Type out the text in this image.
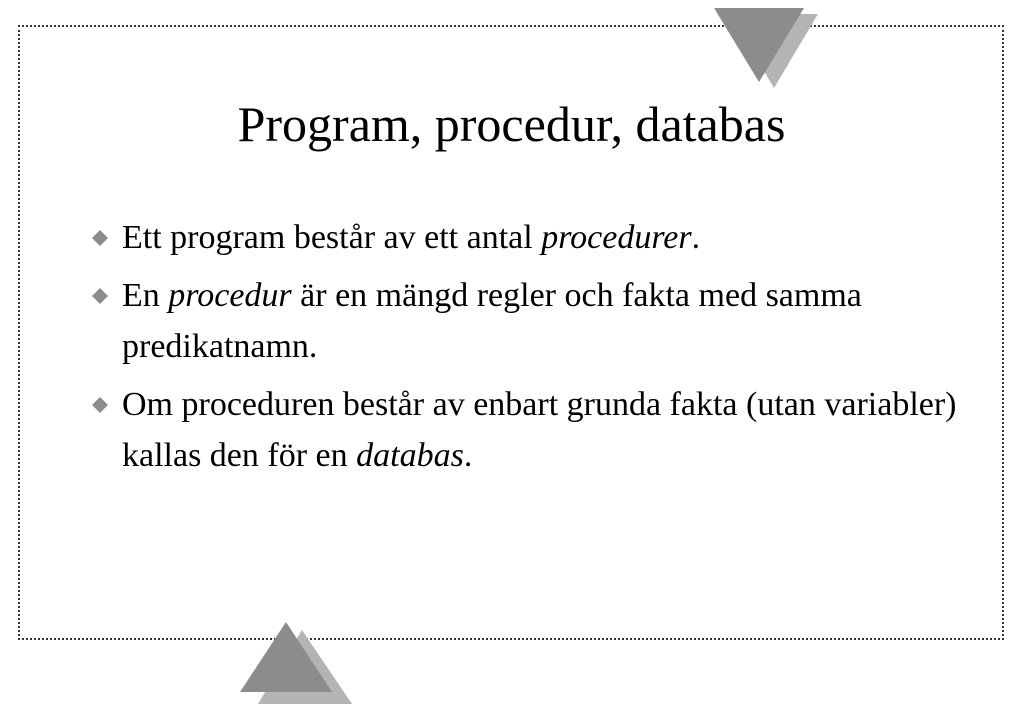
Program, procedur, databas
Ett program består av ett antal procedurer.
En procedur är en mängd regler och fakta med samma predikatnamn.
Om proceduren består av enbart grunda fakta (utan variabler) kallas den för en databas.
